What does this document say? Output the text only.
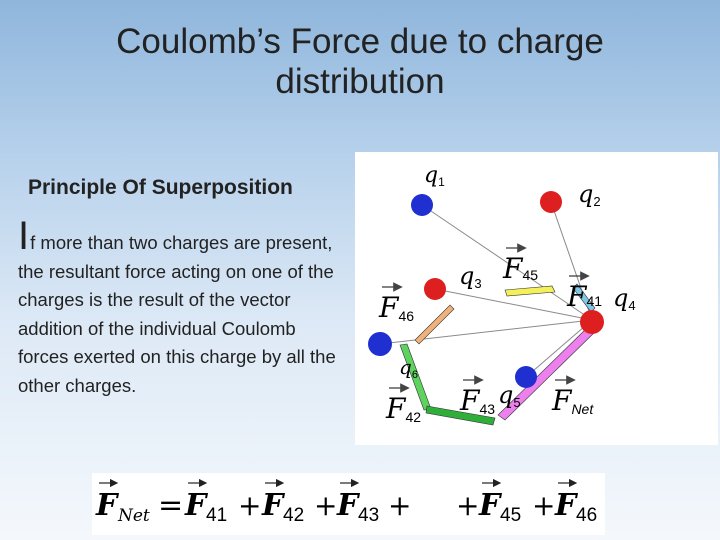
Coulomb’s Force due to charge
distribution
Principle Of Superposition
If more than two charges are present, the resultant force acting on one of the charges is the result of the vector addition of the individual Coulomb forces exerted on this charge by all the other charges.
q1	q2
q3
q4
q5
$q_6$
F45
F41
F46
F42 F43 FNet
F Net = F 41 + F 42 + F 43 + + F 45 + F 46
